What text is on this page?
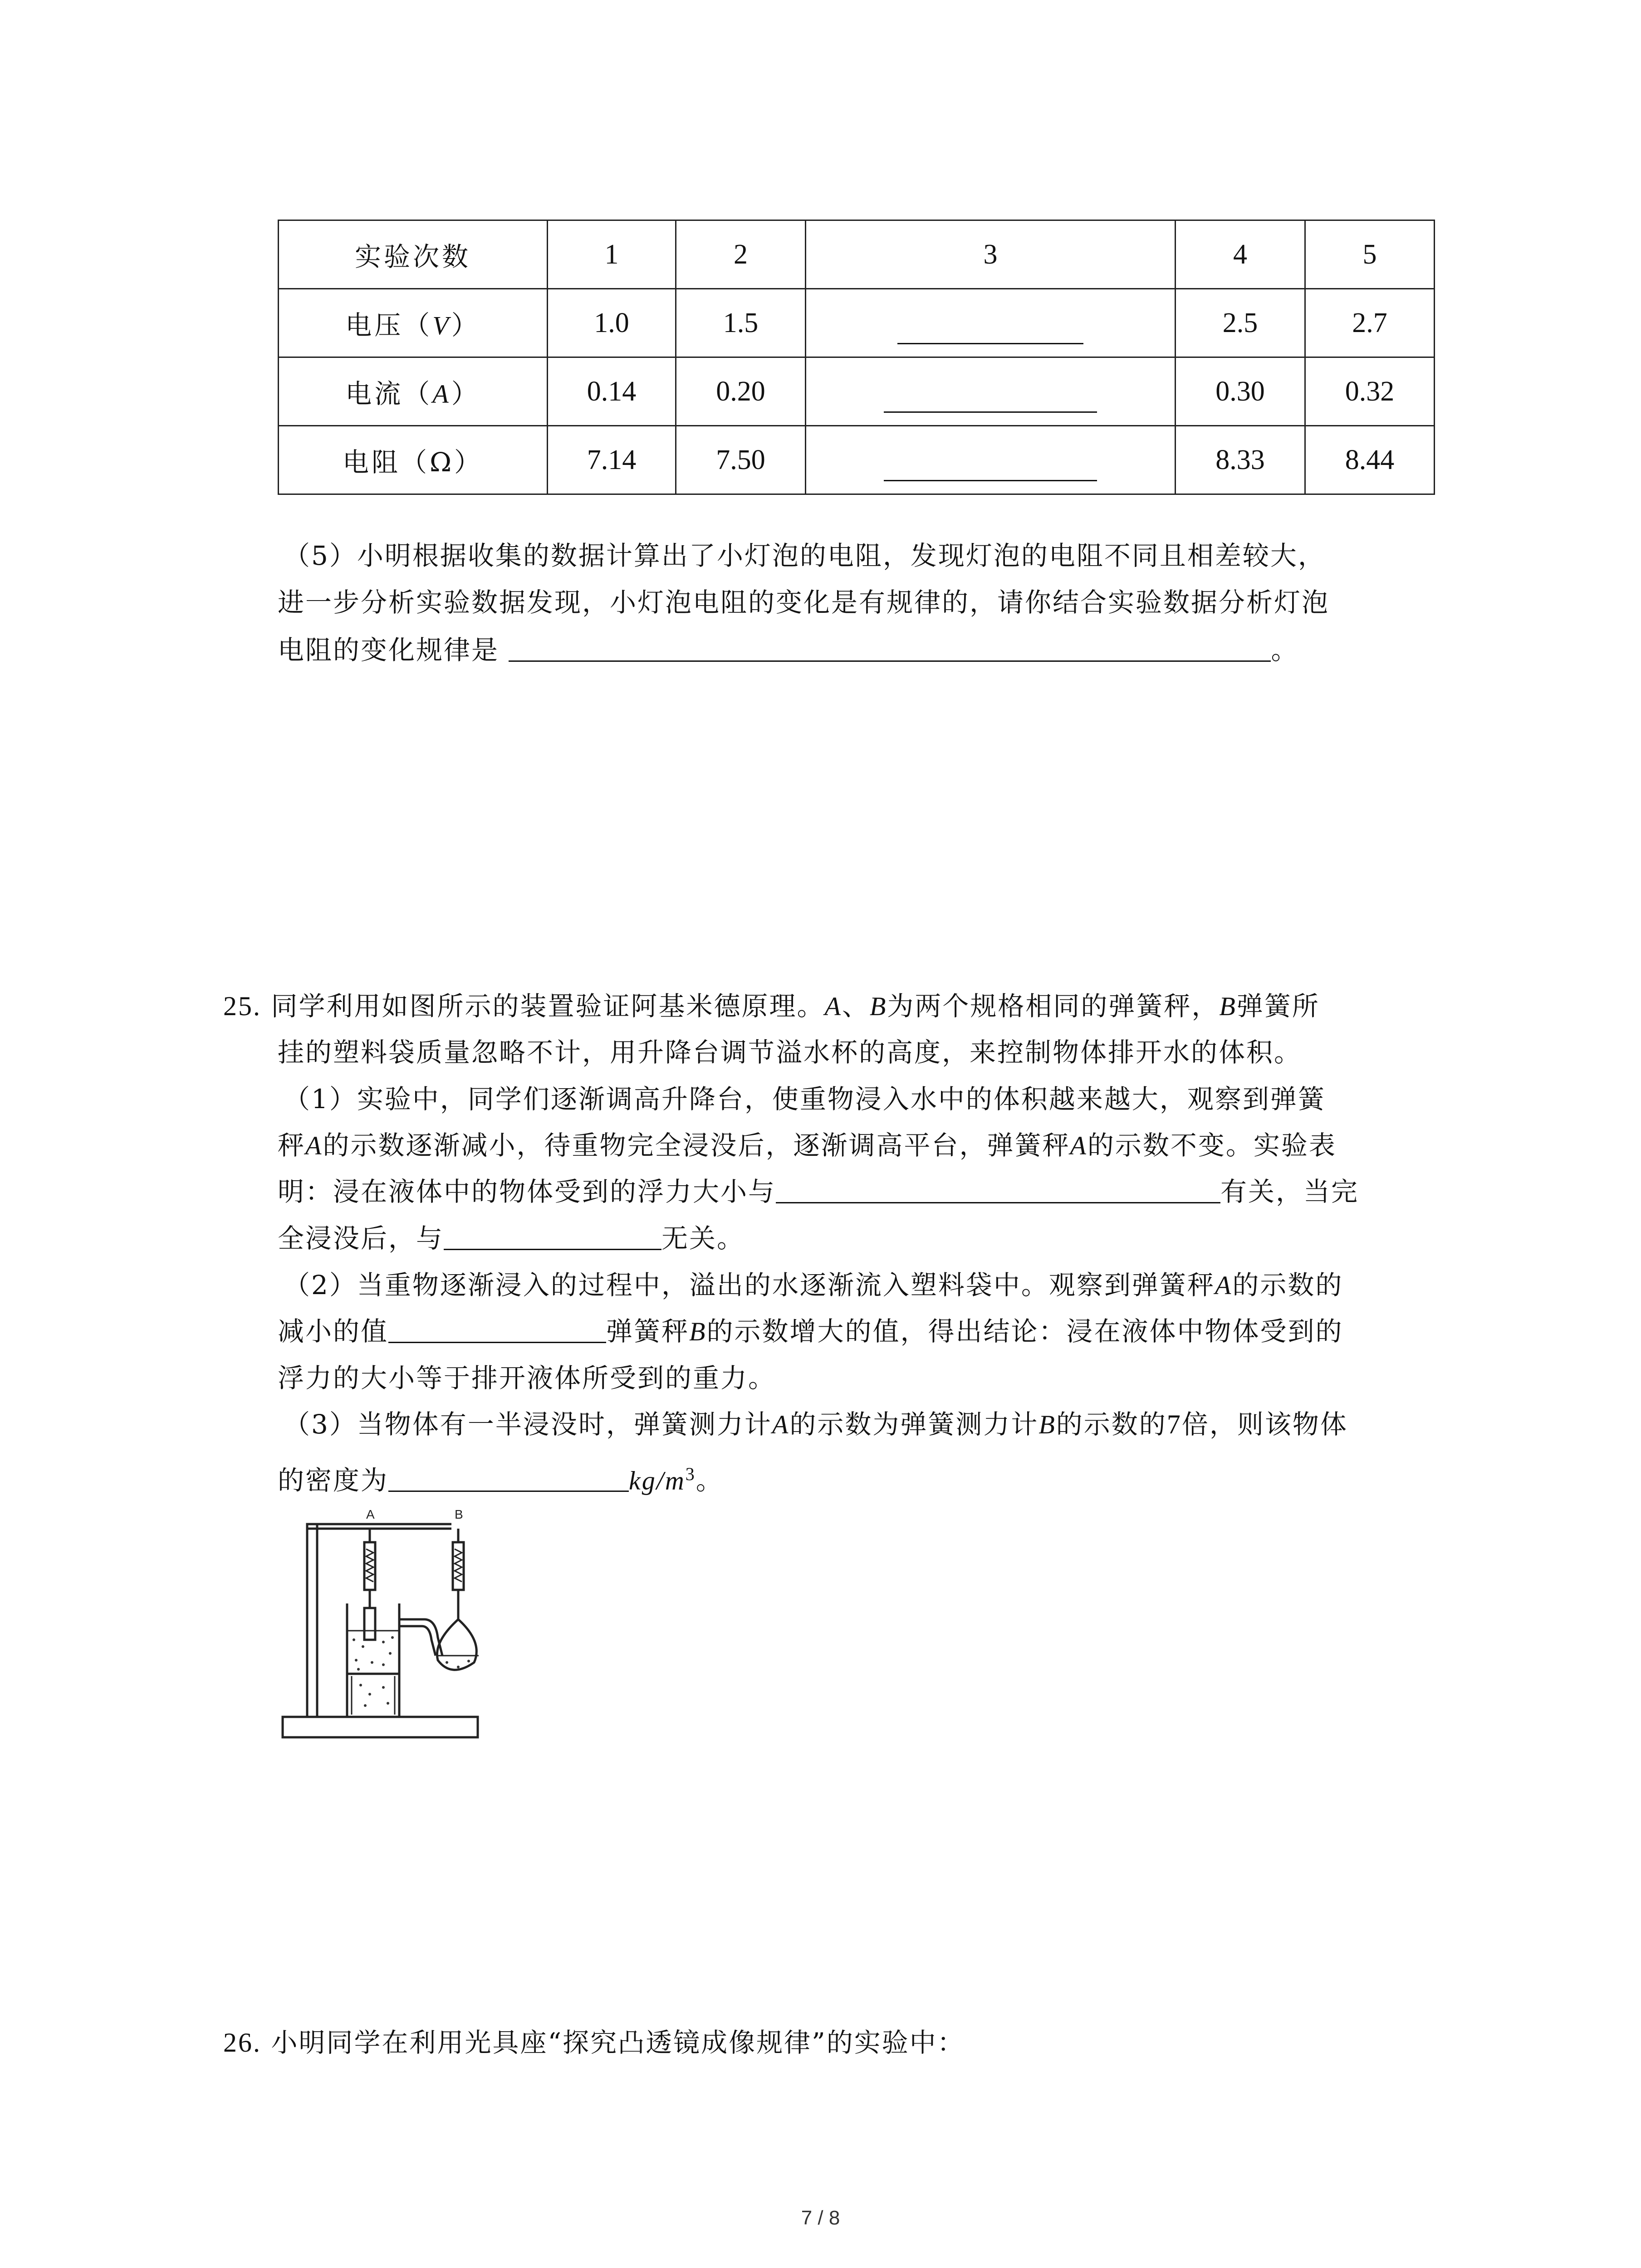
实验次数	1	2	3	4	5
电压（V）	1.0	1.5		2.5	2.7
电流（A）	0.14	0.20		0.30	0.32
电阻（Ω）	7.14	7.50		8.33	8.44
（5）小明根据收集的数据计算出了小灯泡的电阻，发现灯泡的电阻不同且相差较大，
进一步分析实验数据发现，小灯泡电阻的变化是有规律的，请你结合实验数据分析灯泡
电阻的变化规律是	。
25. 同学利用如图所示的装置验证阿基米德原理。A、B为两个规格相同的弹簧秤，B弹簧所
挂的塑料袋质量忽略不计，用升降台调节溢水杯的高度，来控制物体排开水的体积。
（1）实验中，同学们逐渐调高升降台，使重物浸入水中的体积越来越大，观察到弹簧
秤A的示数逐渐减小，待重物完全浸没后，逐渐调高平台，弹簧秤A的示数不变。实验表
明：浸在液体中的物体受到的浮力大小与	有关，当完
全浸没后，与	无关。
（2）当重物逐渐浸入的过程中，溢出的水逐渐流入塑料袋中。观察到弹簧秤A的示数的
减小的值	弹簧秤B的示数增大的值，得出结论：浸在液体中物体受到的
浮力的大小等于排开液体所受到的重力。
（3）当物体有一半浸没时，弹簧测力计A的示数为弹簧测力计B的示数的7倍，则该物体
的密度为	$kg/m^3$。
A	B
26. 小明同学在利用光具座“探究凸透镜成像规律”的实验中：
7 / 8
